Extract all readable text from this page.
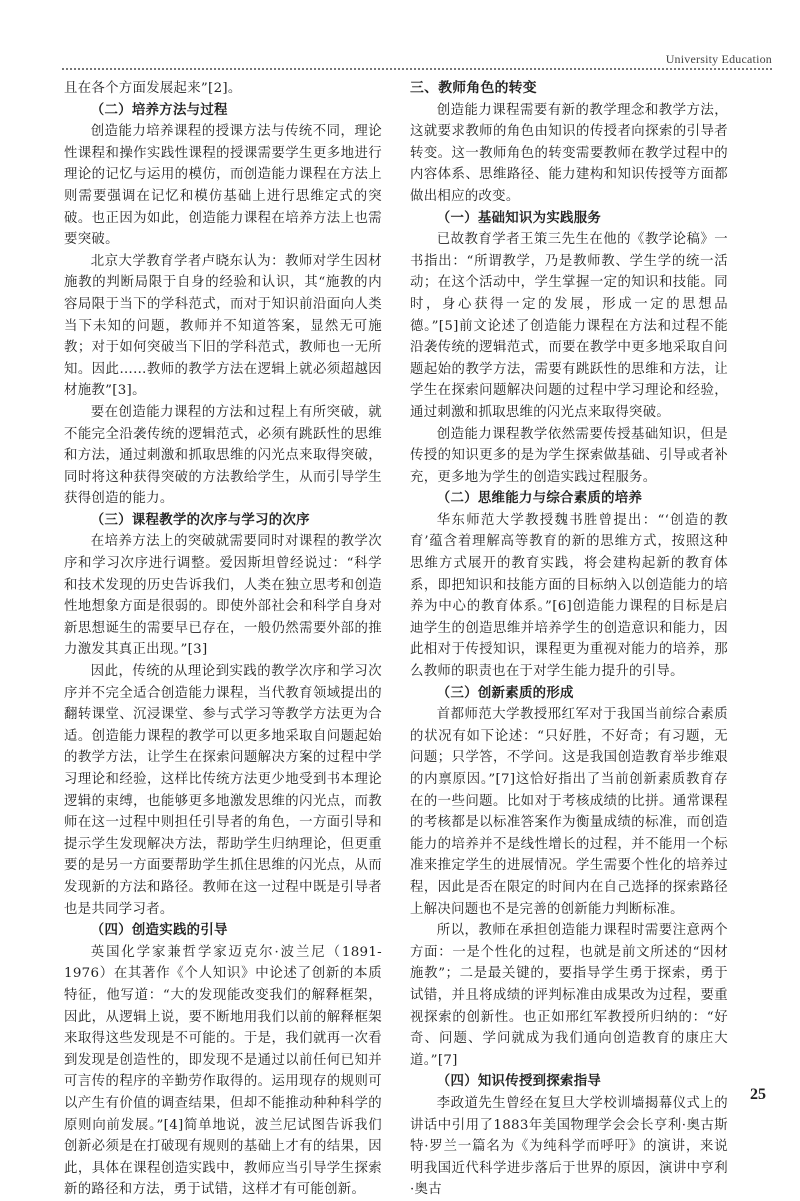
University Education

且在各个方面发展起来”[2]。

（二）培养方法与过程

创造能力培养课程的授课方法与传统不同，理论性课程和操作实践性课程的授课需要学生更多地进行理论的记忆与运用的模仿，而创造能力课程在方法上则需要强调在记忆和模仿基础上进行思维定式的突破。也正因为如此，创造能力课程在培养方法上也需要突破。

北京大学教育学者卢晓东认为：教师对学生因材施教的判断局限于自身的经验和认识，其“施教的内容局限于当下的学科范式，而对于知识前沿面向人类当下未知的问题，教师并不知道答案，显然无可施教；对于如何突破当下旧的学科范式，教师也一无所知。因此……教师的教学方法在逻辑上就必须超越因材施教”[3]。

要在创造能力课程的方法和过程上有所突破，就不能完全沿袭传统的逻辑范式，必须有跳跃性的思维和方法，通过刺激和抓取思维的闪光点来取得突破，同时将这种获得突破的方法教给学生，从而引导学生获得创造的能力。

（三）课程教学的次序与学习的次序

在培养方法上的突破就需要同时对课程的教学次序和学习次序进行调整。爱因斯坦曾经说过：“科学和技术发现的历史告诉我们，人类在独立思考和创造性地想象方面是很弱的。即使外部社会和科学自身对新思想诞生的需要早已存在，一般仍然需要外部的推力激发其真正出现。”[3]

因此，传统的从理论到实践的教学次序和学习次序并不完全适合创造能力课程，当代教育领域提出的翻转课堂、沉浸课堂、参与式学习等教学方法更为合适。创造能力课程的教学可以更多地采取自问题起始的教学方法，让学生在探索问题解决方案的过程中学习理论和经验，这样比传统方法更少地受到书本理论逻辑的束缚，也能够更多地激发思维的闪光点，而教师在这一过程中则担任引导者的角色，一方面引导和提示学生发现解决方法，帮助学生归纳理论，但更重要的是另一方面要帮助学生抓住思维的闪光点，从而发现新的方法和路径。教师在这一过程中既是引导者也是共同学习者。

（四）创造实践的引导

英国化学家兼哲学家迈克尔·波兰尼（1891-1976）在其著作《个人知识》中论述了创新的本质特征，他写道：“大的发现能改变我们的解释框架，因此，从逻辑上说，要不断地用我们以前的解释框架来取得这些发现是不可能的。于是，我们就再一次看到发现是创造性的，即发现不是通过以前任何已知并可言传的程序的辛勤劳作取得的。运用现存的规则可以产生有价值的调查结果，但却不能推动种种科学的原则向前发展。”[4]简单地说，波兰尼试图告诉我们创新必须是在打破现有规则的基础上才有的结果，因此，具体在课程创造实践中，教师应当引导学生探索新的路径和方法，勇于试错，这样才有可能创新。

三、教师角色的转变

创造能力课程需要有新的教学理念和教学方法，这就要求教师的角色由知识的传授者向探索的引导者转变。这一教师角色的转变需要教师在教学过程中的内容体系、思维路径、能力建构和知识传授等方面都做出相应的改变。

（一）基础知识为实践服务

已故教育学者王策三先生在他的《教学论稿》一书指出：“所谓教学，乃是教师教、学生学的统一活动；在这个活动中，学生掌握一定的知识和技能。同时，身心获得一定的发展，形成一定的思想品德。”[5]前文论述了创造能力课程在方法和过程不能沿袭传统的逻辑范式，而要在教学中更多地采取自问题起始的教学方法，需要有跳跃性的思维和方法，让学生在探索问题解决问题的过程中学习理论和经验，通过刺激和抓取思维的闪光点来取得突破。

创造能力课程教学依然需要传授基础知识，但是传授的知识更多的是为学生探索做基础、引导或者补充，更多地为学生的创造实践过程服务。

（二）思维能力与综合素质的培养

华东师范大学教授魏书胜曾提出：“‘创造的教育’蕴含着理解高等教育的新的思维方式，按照这种思维方式展开的教育实践，将会建构起新的教育体系，即把知识和技能方面的目标纳入以创造能力的培养为中心的教育体系。”[6]创造能力课程的目标是启迪学生的创造思维并培养学生的创造意识和能力，因此相对于传授知识，课程更为重视对能力的培养，那么教师的职责也在于对学生能力提升的引导。

（三）创新素质的形成

首都师范大学教授邢红军对于我国当前综合素质的状况有如下论述：“只好胜，不好奇；有习题，无问题；只学答，不学问。这是我国创造教育举步维艰的内禀原因。”[7]这恰好指出了当前创新素质教育存在的一些问题。比如对于考核成绩的比拼。通常课程的考核都是以标准答案作为衡量成绩的标准，而创造能力的培养并不是线性增长的过程，并不能用一个标准来推定学生的进展情况。学生需要个性化的培养过程，因此是否在限定的时间内在自己选择的探索路径上解决问题也不是完善的创新能力判断标准。

所以，教师在承担创造能力课程时需要注意两个方面：一是个性化的过程，也就是前文所述的“因材施教”；二是最关键的，要指导学生勇于探索，勇于试错，并且将成绩的评判标准由成果改为过程，要重视探索的创新性。也正如邢红军教授所归纳的：“好奇、问题、学问就成为我们通向创造教育的康庄大道。”[7]

（四）知识传授到探索指导

李政道先生曾经在复旦大学校训墙揭幕仪式上的讲话中引用了1883年美国物理学会会长亨利·奥古斯特·罗兰一篇名为《为纯科学而呼吁》的演讲，来说明我国近代科学进步落后于世界的原因，演讲中亨利·奥古

25
